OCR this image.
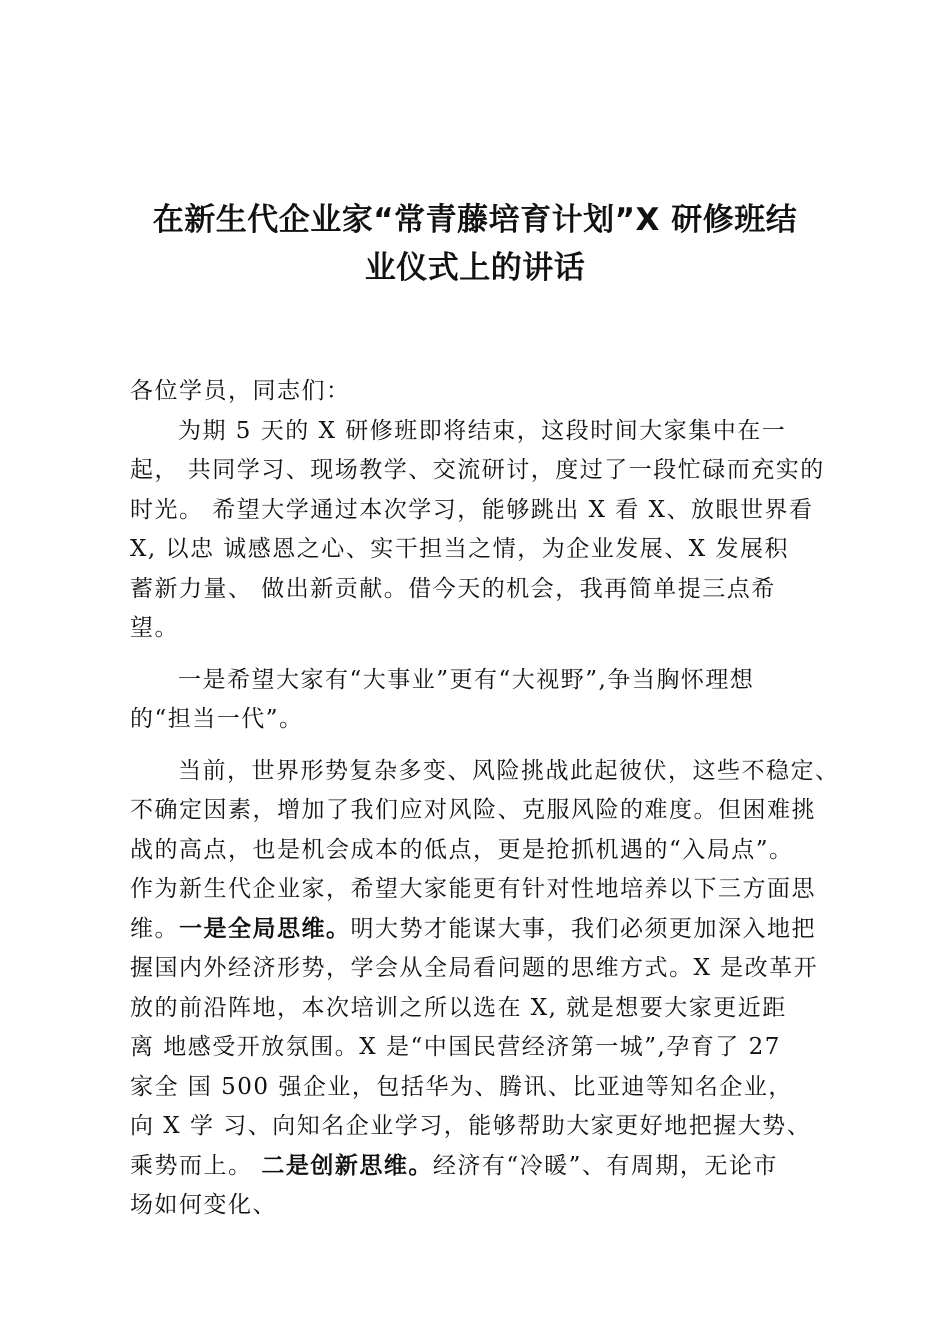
在新生代企业家“常青藤培育计划”X 研修班结
业仪式上的讲话
各位学员，同志们：
为期 5 天的 X 研修班即将结束，这段时间大家集中在一
起， 共同学习、现场教学、交流研讨，度过了一段忙碌而充实的
时光。 希望大学通过本次学习，能够跳出 X 看 X、放眼世界看
X, 以忠 诚感恩之心、实干担当之情，为企业发展、X 发展积
蓄新力量、 做出新贡献。借今天的机会，我再简单提三点希
望。
一是希望大家有“大事业”更有“大视野”,争当胸怀理想
的“担当一代”。
当前，世界形势复杂多变、风险挑战此起彼伏，这些不稳定、
不确定因素，增加了我们应对风险、克服风险的难度。但困难挑
战的高点，也是机会成本的低点，更是抢抓机遇的“入局点”。
作为新生代企业家，希望大家能更有针对性地培养以下三方面思
维。一是全局思维。明大势才能谋大事，我们必须更加深入地把
握国内外经济形势，学会从全局看问题的思维方式。X 是改革开
放的前沿阵地，本次培训之所以选在 X, 就是想要大家更近距
离 地感受开放氛围。X 是“中国民营经济第一城”,孕育了 27
家全 国 500 强企业，包括华为、腾讯、比亚迪等知名企业，
向 X 学 习、向知名企业学习，能够帮助大家更好地把握大势、
乘势而上。 二是创新思维。经济有“冷暖”、有周期，无论市
场如何变化、
